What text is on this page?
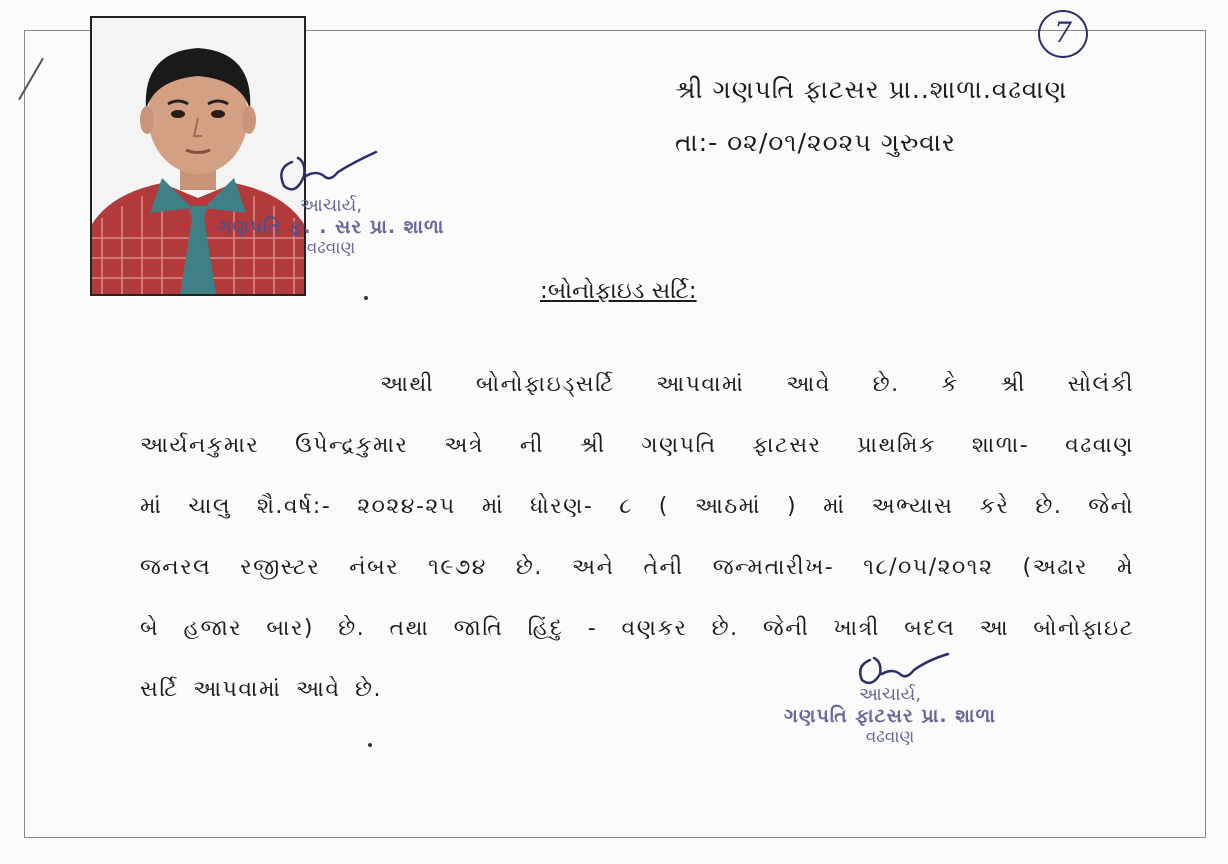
7
શ્રી ગણપતિ ફાટસર પ્રા..શાળા.વઢવાણ
તા:- ૦૨/૦૧/૨૦૨૫ ગુરુવાર
આચાર્ય,
ગણપતિ ફ. . સર પ્રા. શાળા
વઢવાણ
:બોનોફાઇડ સર્ટિ:
આથી બોનોફાઇડ્સર્ટિ આપવામાં આવે છે. કે શ્રી સોલંકી
આર્યનકુમાર ઉપેન્દ્રકુમાર અત્રે ની શ્રી ગણપતિ ફાટસર પ્રાથમિક શાળા- વઢવાણ
માં ચાલુ શૈ.વર્ષ:- ૨૦૨૪-૨૫ માં ધોરણ- ૮ ( આઠમાં ) માં અભ્યાસ કરે છે. જેનો
જનરલ રજીસ્ટર નંબર ૧૯૭૪ છે. અને તેની જન્મતારીખ- ૧૮/૦૫/૨૦૧૨ (અઢાર મે
બે હજાર બાર) છે. તથા જાતિ હિંદુ - વણકર છે. જેની ખાત્રી બદલ આ બોનોફાઇટ
સર્ટિ આપવામાં આવે છે.	આચાર્ય,
ગણપતિ ફાટસર પ્રા. શાળા
વઢવાણ
